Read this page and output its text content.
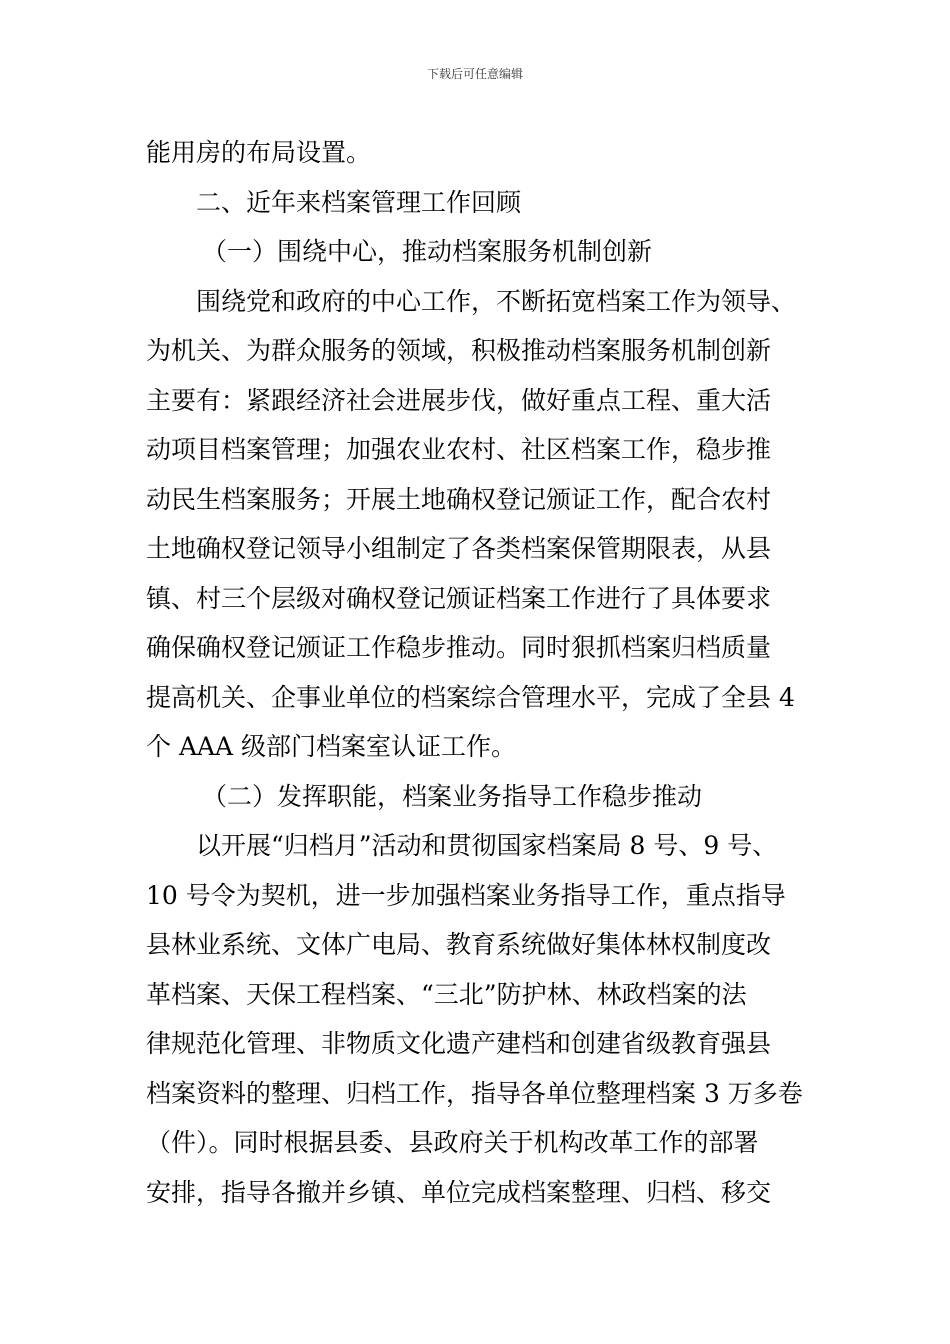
下载后可任意编辑
能用房的布局设置。
二、近年来档案管理工作回顾
（一）围绕中心，推动档案服务机制创新
围绕党和政府的中心工作，不断拓宽档案工作为领导、
为机关、为群众服务的领域，积极推动档案服务机制创新
主要有：紧跟经济社会进展步伐，做好重点工程、重大活
动项目档案管理；加强农业农村、社区档案工作，稳步推
动民生档案服务；开展土地确权登记颁证工作，配合农村
土地确权登记领导小组制定了各类档案保管期限表，从县
镇、村三个层级对确权登记颁证档案工作进行了具体要求
确保确权登记颁证工作稳步推动。同时狠抓档案归档质量
提高机关、企事业单位的档案综合管理水平，完成了全县 4
个 AAA 级部门档案室认证工作。
（二）发挥职能，档案业务指导工作稳步推动
以开展“归档月”活动和贯彻国家档案局 8 号、9 号、
10 号令为契机，进一步加强档案业务指导工作，重点指导
县林业系统、文体广电局、教育系统做好集体林权制度改
革档案、天保工程档案、“三北”防护林、林政档案的法
律规范化管理、非物质文化遗产建档和创建省级教育强县
档案资料的整理、归档工作，指导各单位整理档案 3 万多卷
（件）。同时根据县委、县政府关于机构改革工作的部署
安排，指导各撤并乡镇、单位完成档案整理、归档、移交
